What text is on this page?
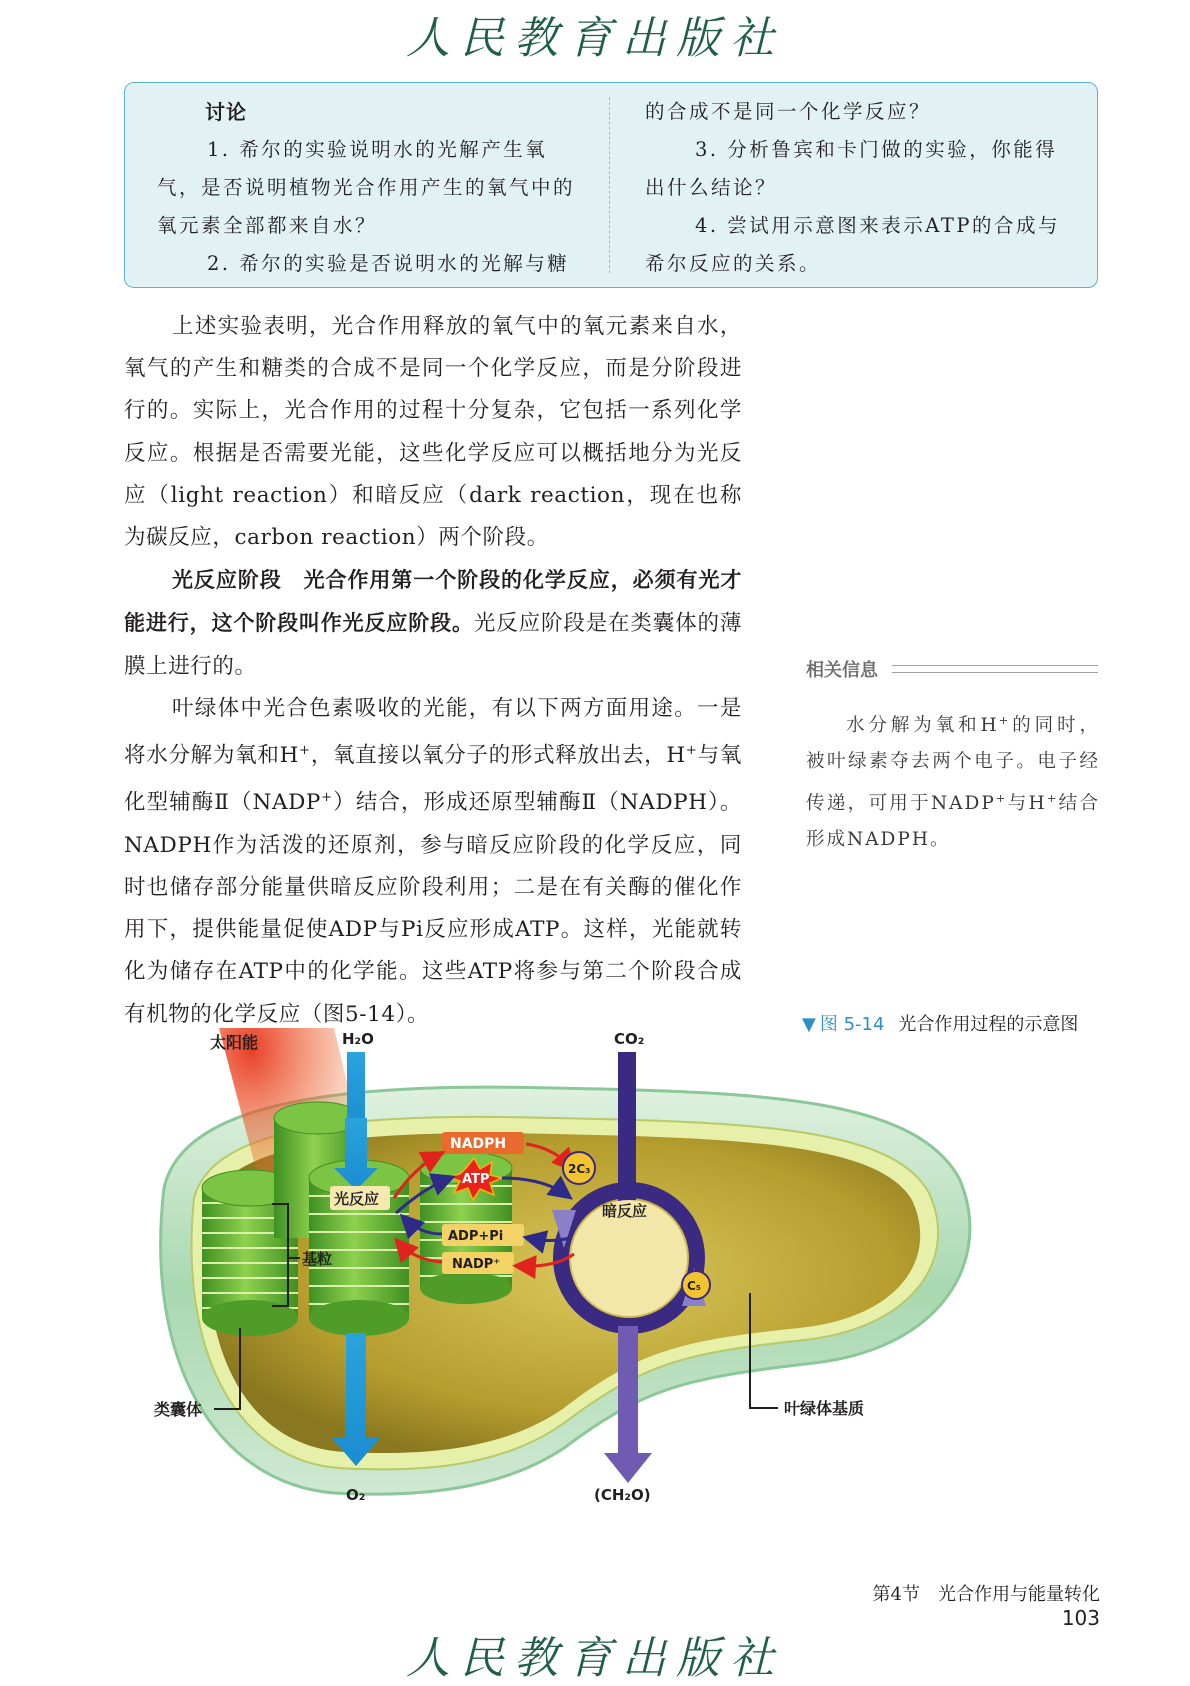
人民教育出版社
讨论
1. 希尔的实验说明水的光解产生氧
气，是否说明植物光合作用产生的氧气中的
氧元素全部都来自水？
2. 希尔的实验是否说明水的光解与糖
的合成不是同一个化学反应？
3. 分析鲁宾和卡门做的实验，你能得
出什么结论？
4. 尝试用示意图来表示ATP的合成与
希尔反应的关系。

上述实验表明，光合作用释放的氧气中的氧元素来自水，氧气的产生和糖类的合成不是同一个化学反应，而是分阶段进行的。实际上，光合作用的过程十分复杂，它包括一系列化学反应。根据是否需要光能，这些化学反应可以概括地分为光反应（light reaction）和暗反应（dark reaction，现在也称为碳反应，carbon reaction）两个阶段。

光反应阶段　光合作用第一个阶段的化学反应，必须有光才能进行，这个阶段叫作光反应阶段。光反应阶段是在类囊体的薄膜上进行的。

叶绿体中光合色素吸收的光能，有以下两方面用途。一是将水分解为氧和H+，氧直接以氧分子的形式释放出去，H+与氧化型辅酶Ⅱ（NADP+）结合，形成还原型辅酶Ⅱ（NADPH）。NADPH作为活泼的还原剂，参与暗反应阶段的化学反应，同时也储存部分能量供暗反应阶段利用；二是在有关酶的催化作用下，提供能量促使ADP与Pi反应形成ATP。这样，光能就转化为储存在ATP中的化学能。这些ATP将参与第二个阶段合成有机物的化学反应（图5-14）。

相关信息

水分解为氧和H+的同时，被叶绿素夺去两个电子。电子经传递，可用于NADP+与H+结合形成NADPH。

▼ 图 5-14 光合作用过程的示意图
太阳能	H₂O	CO₂
NADPH
ATP
ADP+Pi
NADP⁺
光反应
暗反应
2C₃
C₅
基粒
类囊体	叶绿体基质
O₂	(CH₂O)
第4节　光合作用与能量转化103
人民教育出版社
